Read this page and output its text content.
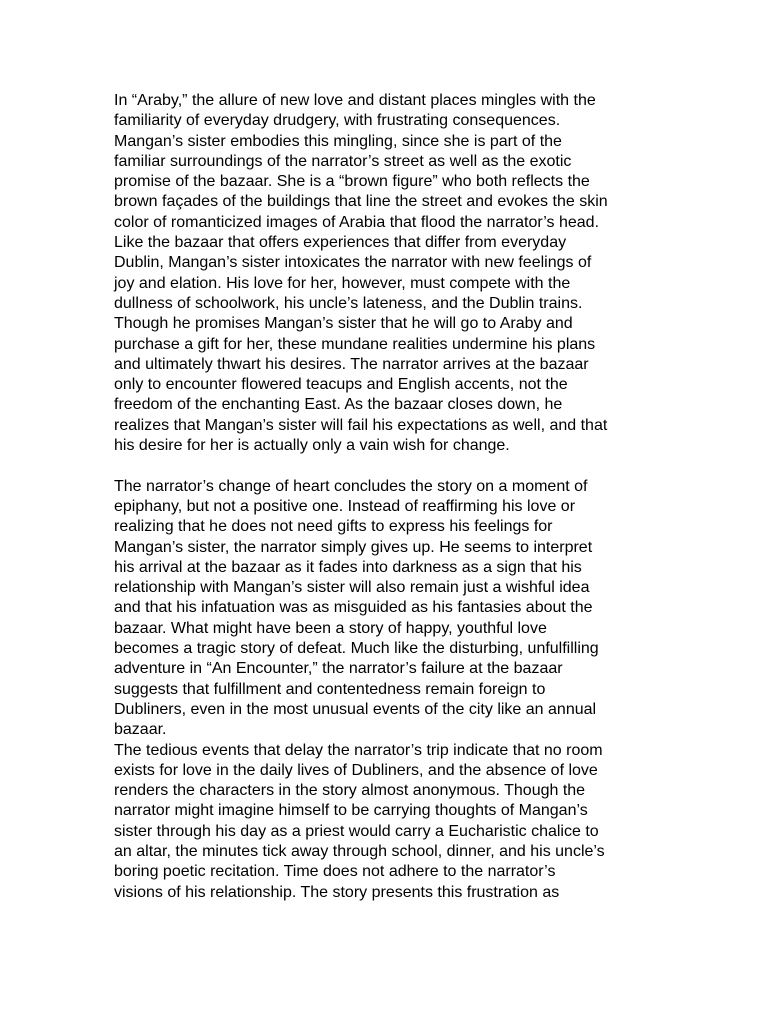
In “Araby,” the allure of new love and distant places mingles with the
familiarity of everyday drudgery, with frustrating consequences.
Mangan’s sister embodies this mingling, since she is part of the
familiar surroundings of the narrator’s street as well as the exotic
promise of the bazaar. She is a “brown figure” who both reflects the
brown façades of the buildings that line the street and evokes the skin
color of romanticized images of Arabia that flood the narrator’s head.
Like the bazaar that offers experiences that differ from everyday
Dublin, Mangan’s sister intoxicates the narrator with new feelings of
joy and elation. His love for her, however, must compete with the
dullness of schoolwork, his uncle’s lateness, and the Dublin trains.
Though he promises Mangan’s sister that he will go to Araby and
purchase a gift for her, these mundane realities undermine his plans
and ultimately thwart his desires. The narrator arrives at the bazaar
only to encounter flowered teacups and English accents, not the
freedom of the enchanting East. As the bazaar closes down, he
realizes that Mangan’s sister will fail his expectations as well, and that
his desire for her is actually only a vain wish for change.
The narrator’s change of heart concludes the story on a moment of
epiphany, but not a positive one. Instead of reaffirming his love or
realizing that he does not need gifts to express his feelings for
Mangan’s sister, the narrator simply gives up. He seems to interpret
his arrival at the bazaar as it fades into darkness as a sign that his
relationship with Mangan’s sister will also remain just a wishful idea
and that his infatuation was as misguided as his fantasies about the
bazaar. What might have been a story of happy, youthful love
becomes a tragic story of defeat. Much like the disturbing, unfulfilling
adventure in “An Encounter,” the narrator’s failure at the bazaar
suggests that fulfillment and contentedness remain foreign to
Dubliners, even in the most unusual events of the city like an annual
bazaar.
The tedious events that delay the narrator’s trip indicate that no room
exists for love in the daily lives of Dubliners, and the absence of love
renders the characters in the story almost anonymous. Though the
narrator might imagine himself to be carrying thoughts of Mangan’s
sister through his day as a priest would carry a Eucharistic chalice to
an altar, the minutes tick away through school, dinner, and his uncle’s
boring poetic recitation. Time does not adhere to the narrator’s
visions of his relationship. The story presents this frustration as
